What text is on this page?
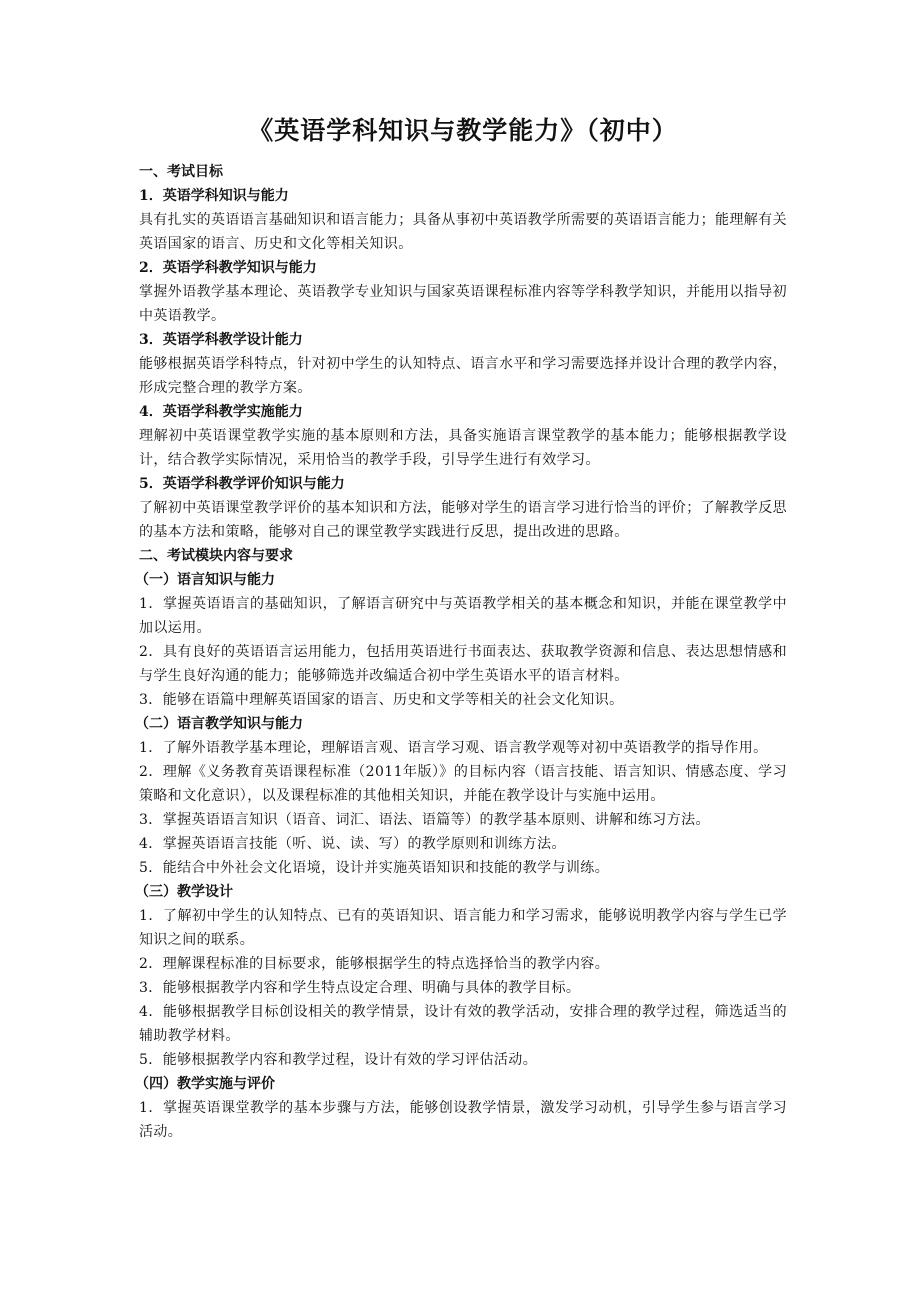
《英语学科知识与教学能力》（初中）

一、考试目标

1．英语学科知识与能力

具有扎实的英语语言基础知识和语言能力；具备从事初中英语教学所需要的英语语言能力；能理解有关英语国家的语言、历史和文化等相关知识。

2．英语学科教学知识与能力

掌握外语教学基本理论、英语教学专业知识与国家英语课程标准内容等学科教学知识，并能用以指导初中英语教学。

3．英语学科教学设计能力

能够根据英语学科特点，针对初中学生的认知特点、语言水平和学习需要选择并设计合理的教学内容，形成完整合理的教学方案。

4．英语学科教学实施能力

理解初中英语课堂教学实施的基本原则和方法，具备实施语言课堂教学的基本能力；能够根据教学设计，结合教学实际情况，采用恰当的教学手段，引导学生进行有效学习。

5．英语学科教学评价知识与能力

了解初中英语课堂教学评价的基本知识和方法，能够对学生的语言学习进行恰当的评价；了解教学反思的基本方法和策略，能够对自己的课堂教学实践进行反思，提出改进的思路。

二、考试模块内容与要求

（一）语言知识与能力

1．掌握英语语言的基础知识，了解语言研究中与英语教学相关的基本概念和知识，并能在课堂教学中加以运用。

2．具有良好的英语语言运用能力，包括用英语进行书面表达、获取教学资源和信息、表达思想情感和与学生良好沟通的能力；能够筛选并改编适合初中学生英语水平的语言材料。

3．能够在语篇中理解英语国家的语言、历史和文学等相关的社会文化知识。

（二）语言教学知识与能力

1．了解外语教学基本理论，理解语言观、语言学习观、语言教学观等对初中英语教学的指导作用。

2．理解《义务教育英语课程标准（2011年版）》的目标内容（语言技能、语言知识、情感态度、学习策略和文化意识），以及课程标准的其他相关知识，并能在教学设计与实施中运用。

3．掌握英语语言知识（语音、词汇、语法、语篇等）的教学基本原则、讲解和练习方法。

4．掌握英语语言技能（听、说、读、写）的教学原则和训练方法。

5．能结合中外社会文化语境，设计并实施英语知识和技能的教学与训练。

（三）教学设计

1．了解初中学生的认知特点、已有的英语知识、语言能力和学习需求，能够说明教学内容与学生已学知识之间的联系。

2．理解课程标准的目标要求，能够根据学生的特点选择恰当的教学内容。

3．能够根据教学内容和学生特点设定合理、明确与具体的教学目标。

4．能够根据教学目标创设相关的教学情景，设计有效的教学活动，安排合理的教学过程，筛选适当的辅助教学材料。

5．能够根据教学内容和教学过程，设计有效的学习评估活动。

（四）教学实施与评价

1．掌握英语课堂教学的基本步骤与方法，能够创设教学情景，激发学习动机，引导学生参与语言学习活动。
